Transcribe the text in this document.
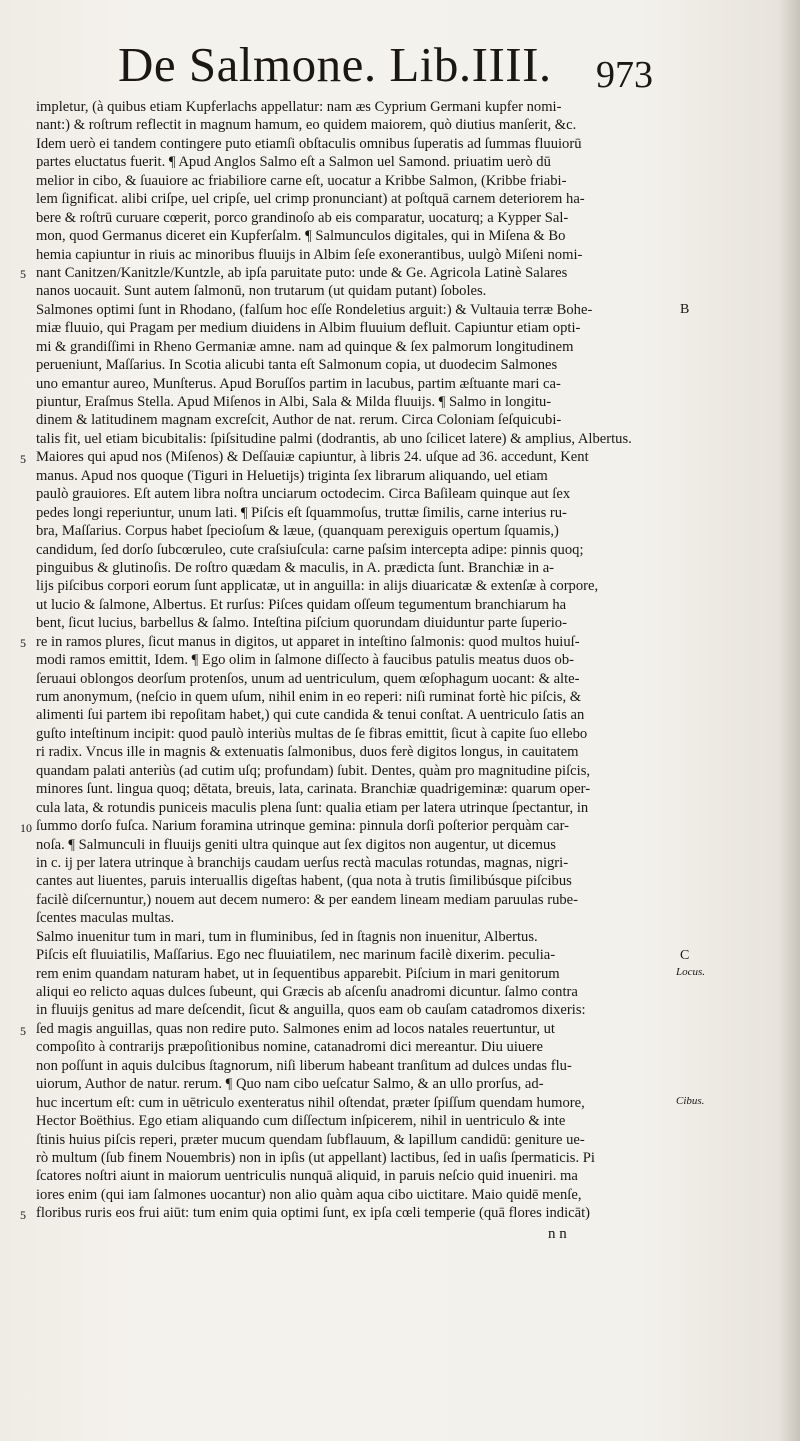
De Salmone. Lib.IIII.	973
impletur, (à quibus etiam Kupferlachs appellatur: nam æs Cyprium Germani kupfer nomi-
nant:) & roſtrum reflectit in magnum hamum, eo quidem maiorem, quò diutius manſerit, &c.
Idem uerò ei tandem contingere puto etiamſi obſtaculis omnibus ſuperatis ad ſummas fluuiorū
partes eluctatus fuerit. ¶ Apud Anglos Salmo eſt a Salmon uel Samond. priuatim uerò dū
melior in cibo, & ſuauiore ac friabiliore carne eſt, uocatur a Kribbe Salmon, (Kribbe friabi-
lem ſignificat. alibi criſpe, uel cripſe, uel crimp pronunciant) at poſtquā carnem deteriorem ha-
bere & roſtrū curuare cœperit, porco grandinoſo ab eis comparatur, uocaturq; a Kypper Sal-
mon, quod Germanus diceret ein Kupferſalm. ¶ Salmunculos digitales, qui in Miſena & Bo
hemia capiuntur in riuis ac minoribus fluuijs in Albim ſeſe exonerantibus, uulgò Miſeni nomi-
nant Canitzen/Kanitzle/Kuntzle, ab ipſa paruitate puto: unde & Ge. Agricola Latinè Salares
nanos uocauit. Sunt autem ſalmonū, non trutarum (ut quidam putant) ſoboles.
Salmones optimi ſunt in Rhodano, (falſum hoc eſſe Rondeletius arguit:) & Vultauia terræ Bohe-
miæ fluuio, qui Pragam per medium diuidens in Albim fluuium defluit. Capiuntur etiam opti-
mi & grandiſſimi in Rheno Germaniæ amne. nam ad quinque & ſex palmorum longitudinem
perueniunt, Maſſarius. In Scotia alicubi tanta eſt Salmonum copia, ut duodecim Salmones
uno emantur aureo, Munſterus. Apud Boruſſos partim in lacubus, partim æſtuante mari ca-
piuntur, Eraſmus Stella. Apud Miſenos in Albi, Sala & Milda fluuijs. ¶ Salmo in longitu-
dinem & latitudinem magnam excreſcit, Author de nat. rerum. Circa Coloniam ſeſquicubi-
talis fit, uel etiam bicubitalis: ſpiſsitudine palmi (dodrantis, ab uno ſcilicet latere) & amplius, Albertus.
Maiores qui apud nos (Miſenos) & Deſſauiæ capiuntur, à libris 24. uſque ad 36. accedunt, Kent
manus. Apud nos quoque (Tiguri in Heluetijs) triginta ſex librarum aliquando, uel etiam
paulò grauiores. Eſt autem libra noſtra unciarum octodecim. Circa Baſileam quinque aut ſex
pedes longi reperiuntur, unum lati. ¶ Piſcis eſt ſquammoſus, truttæ ſimilis, carne interius ru-
bra, Maſſarius. Corpus habet ſpecioſum & læue, (quanquam perexiguis opertum ſquamis,)
candidum, ſed dorſo ſubcœruleo, cute craſsiuſcula: carne paſsim intercepta adipe: pinnis quoq;
pinguibus & glutinoſis. De roſtro quædam & maculis, in A. prædicta ſunt. Branchiæ in a-
lijs piſcibus corpori eorum ſunt applicatæ, ut in anguilla: in alijs diuaricatæ & extenſæ à corpore,
ut lucio & ſalmone, Albertus. Et rurſus: Piſces quidam oſſeum tegumentum branchiarum ha
bent, ſicut lucius, barbellus & ſalmo. Inteſtina piſcium quorundam diuiduntur parte ſuperio-
re in ramos plures, ſicut manus in digitos, ut apparet in inteſtino ſalmonis: quod multos huiuſ-
modi ramos emittit, Idem. ¶ Ego olim in ſalmone diſſecto à faucibus patulis meatus duos ob-
ſeruaui oblongos deorſum protenſos, unum ad uentriculum, quem œſophagum uocant: & alte-
rum anonymum, (neſcio in quem uſum, nihil enim in eo reperi: niſi ruminat fortè hic piſcis, &
alimenti ſui partem ibi repoſitam habet,) qui cute candida & tenui conſtat. A uentriculo ſatis an
guſto inteſtinum incipit: quod paulò interiùs multas de ſe fibras emittit, ſicut à capite ſuo ellebo
ri radix. Vncus ille in magnis & extenuatis ſalmonibus, duos ferè digitos longus, in cauitatem
quandam palati anteriùs (ad cutim uſq; profundam) ſubit. Dentes, quàm pro magnitudine piſcis,
minores ſunt. lingua quoq; dētata, breuis, lata, carinata. Branchiæ quadrigeminæ: quarum oper-
cula lata, & rotundis puniceis maculis plena ſunt: qualia etiam per latera utrinque ſpectantur, in
ſummo dorſo fuſca. Narium foramina utrinque gemina: pinnula dorſi poſterior perquàm car-
noſa. ¶ Salmunculi in fluuijs geniti ultra quinque aut ſex digitos non augentur, ut dicemus
in c. ij per latera utrinque à branchijs caudam uerſus rectà maculas rotundas, magnas, nigri-
cantes aut liuentes, paruis interuallis digeſtas habent, (qua nota à trutis ſimilibúsque piſcibus
facilè diſcernuntur,) nouem aut decem numero: & per eandem lineam mediam paruulas rube-
ſcentes maculas multas.
Salmo inuenitur tum in mari, tum in fluminibus, ſed in ſtagnis non inuenitur, Albertus.
Piſcis eſt fluuiatilis, Maſſarius. Ego nec fluuiatilem, nec marinum facilè dixerim. peculia-
rem enim quandam naturam habet, ut in ſequentibus apparebit. Piſcium in mari genitorum
aliqui eo relicto aquas dulces ſubeunt, qui Græcis ab aſcenſu anadromi dicuntur. ſalmo contra
in fluuijs genitus ad mare deſcendit, ſicut & anguilla, quos eam ob cauſam catadromos dixeris:
ſed magis anguillas, quas non redire puto. Salmones enim ad locos natales reuertuntur, ut
compoſito à contrarijs præpoſitionibus nomine, catanadromi dici mereantur. Diu uiuere
non poſſunt in aquis dulcibus ſtagnorum, niſi liberum habeant tranſitum ad dulces undas flu-
uiorum, Author de natur. rerum. ¶ Quo nam cibo ueſcatur Salmo, & an ullo prorſus, ad-
huc incertum eſt: cum in uētriculo exenteratus nihil oſtendat, præter ſpiſſum quendam humore,
Hector Boëthius. Ego etiam aliquando cum diſſectum inſpicerem, nihil in uentriculo & inte
ſtinis huius piſcis reperi, præter mucum quendam ſubflauum, & lapillum candidū: geniture ue-
rò multum (ſub finem Nouembris) non in ipſis (ut appellant) lactibus, ſed in uaſis ſpermaticis. Pi
ſcatores noſtri aiunt in maiorum uentriculis nunquā aliquid, in paruis neſcio quid inueniri. ma
iores enim (qui iam ſalmones uocantur) non alio quàm aqua cibo uictitare. Maio quidē menſe,
floribus ruris eos frui aiūt: tum enim quia optimi ſunt, ex ipſa cœli temperie (quā flores indicāt)
5
5
5
10
5
5
B
C
Locus.
Cibus.
n n
